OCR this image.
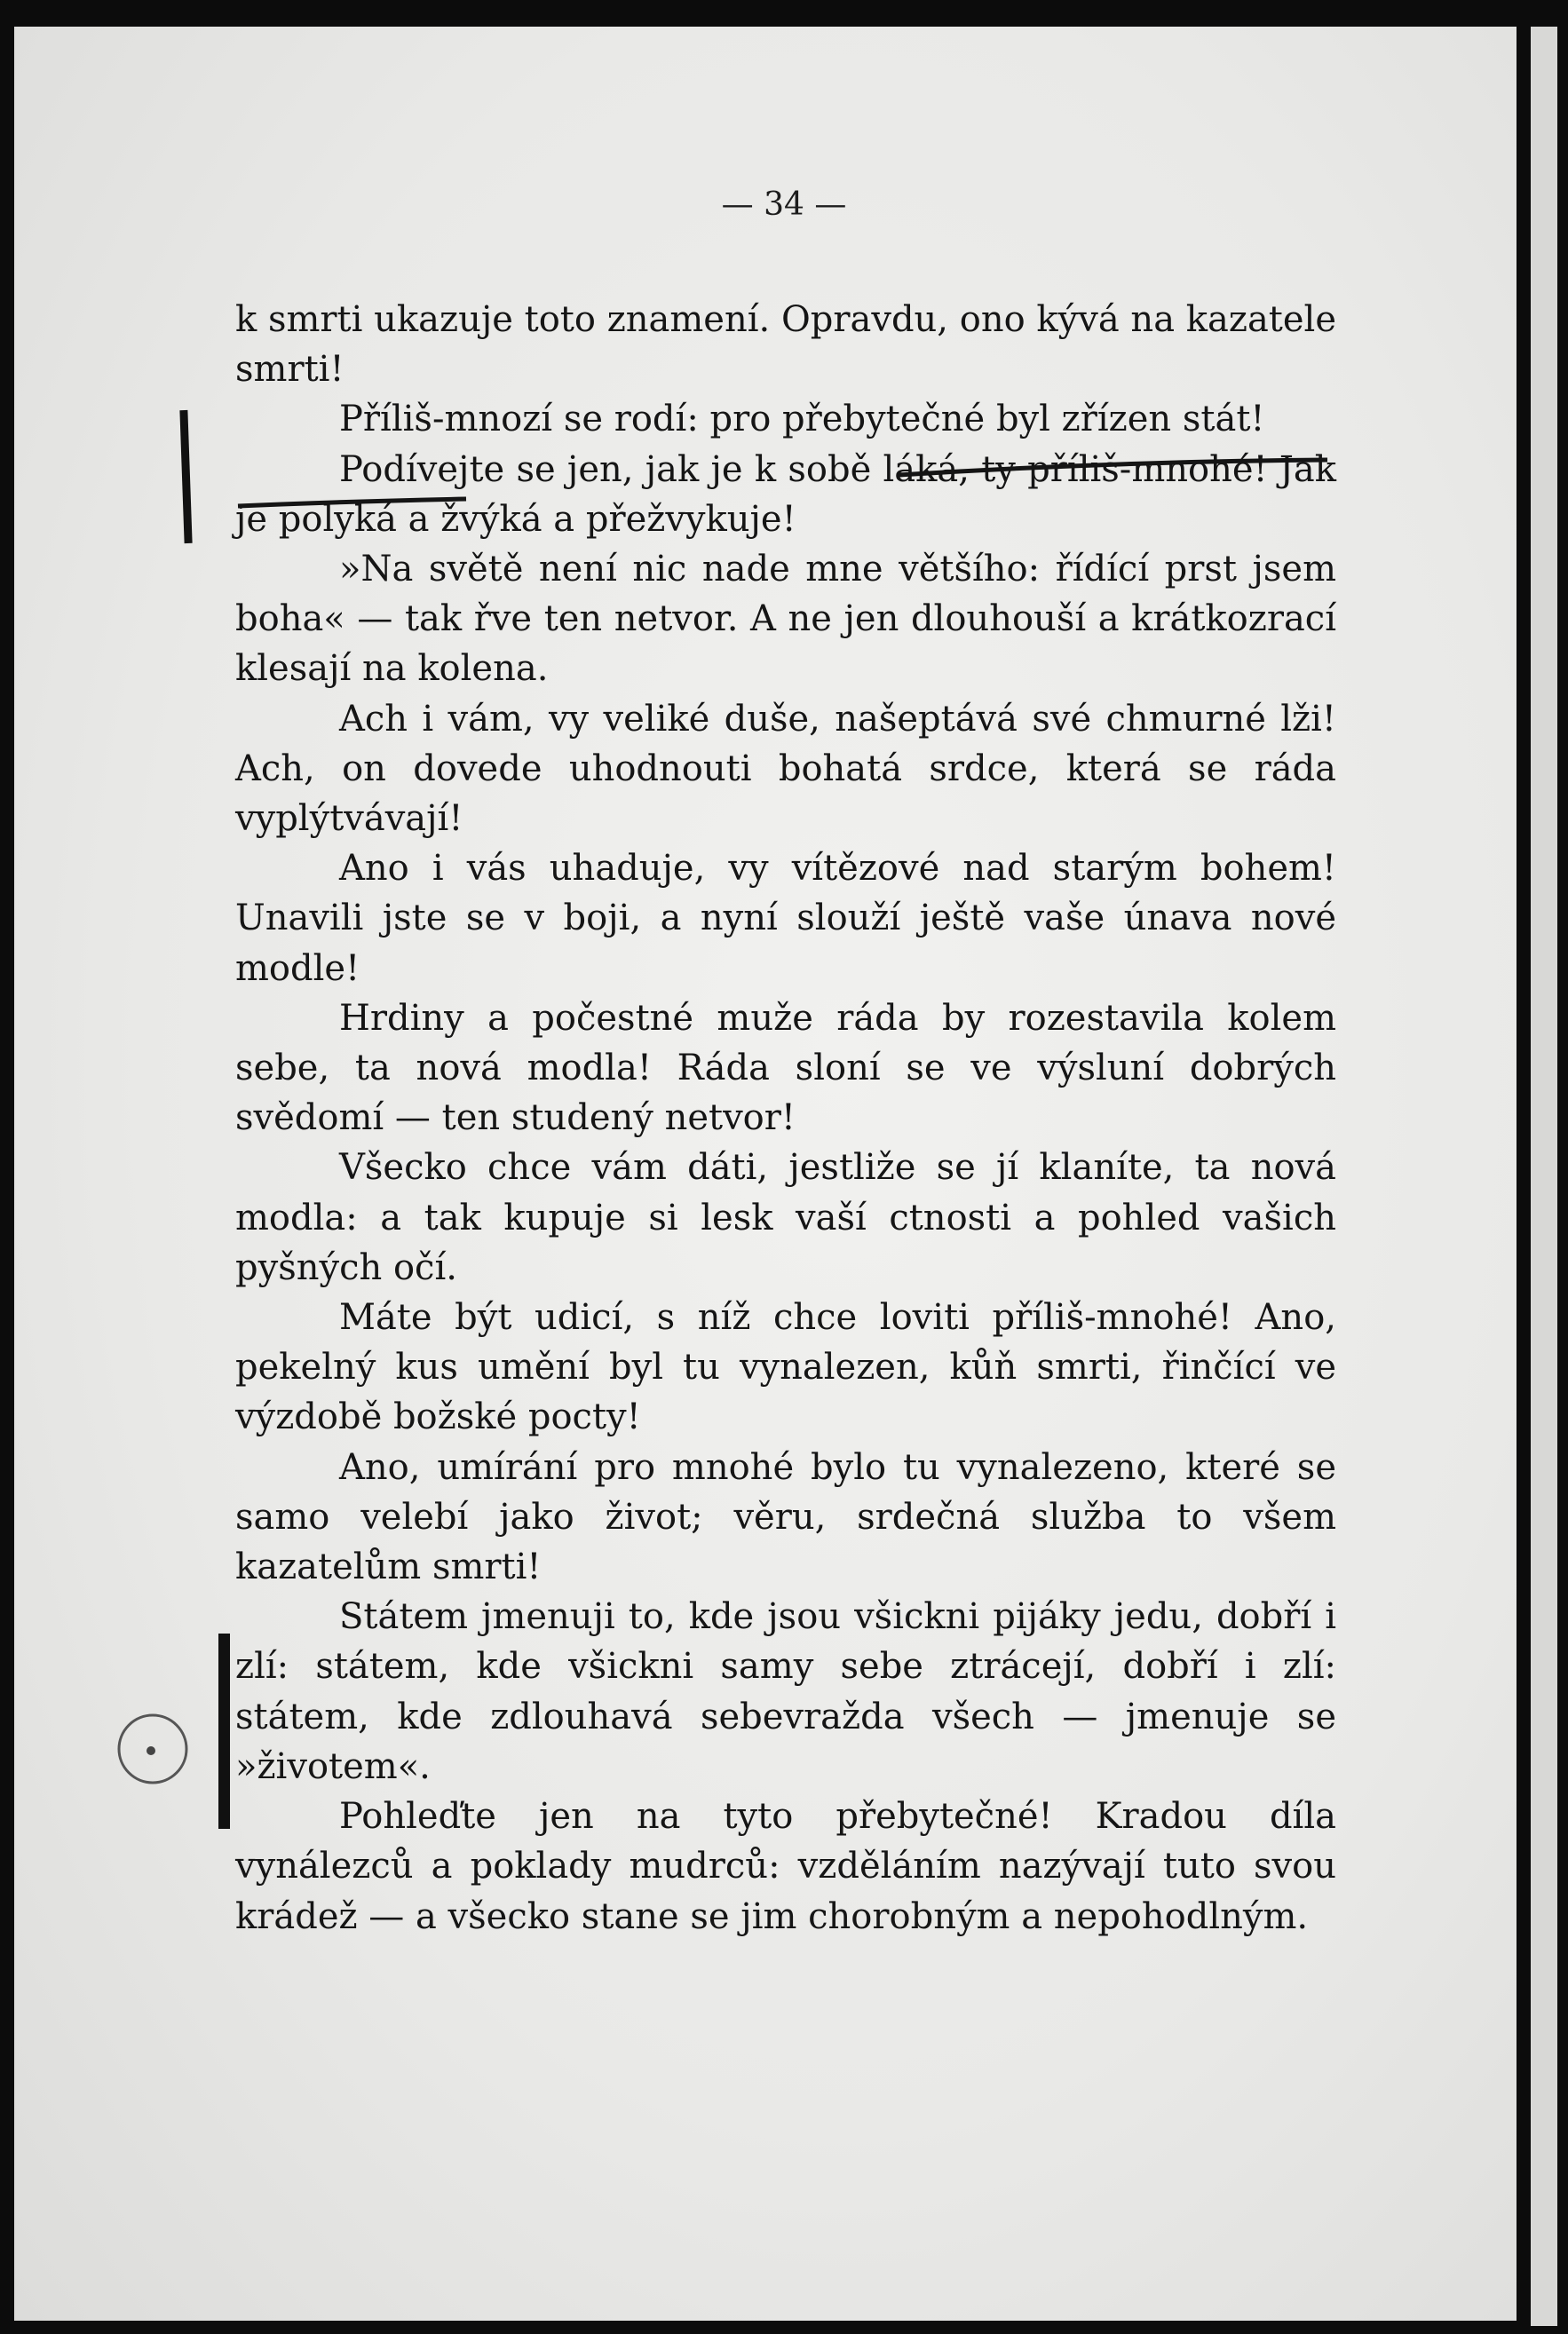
— 34 —

k smrti ukazuje toto znamení. Opravdu, ono kývá na kazatele smrti!

Příliš-mnozí se rodí: pro přebytečné byl zřízen stát!

Podívejte se jen, jak je k sobě láká, ty příliš-mnohé! Jak je polyká a žvýká a přežvykuje!

»Na světě není nic nade mne většího: řídící prst jsem boha« — tak řve ten netvor. A ne jen dlouhouší a krátkozrací klesají na kolena.

Ach i vám, vy veliké duše, našeptává své chmurné lži! Ach, on dovede uhodnouti bohatá srdce, která se ráda vyplýtvávají!

Ano i vás uhaduje, vy vítězové nad starým bohem! Unavili jste se v boji, a nyní slouží ještě vaše únava nové modle!

Hrdiny a počestné muže ráda by rozestavila kolem sebe, ta nová modla! Ráda sloní se ve výsluní dobrých svědomí — ten studený netvor!

Všecko chce vám dáti, jestliže se jí klaníte, ta nová modla: a tak kupuje si lesk vaší ctnosti a pohled vašich pyšných očí.

Máte být udicí, s níž chce loviti příliš-mnohé! Ano, pekelný kus umění byl tu vynalezen, kůň smrti, řinčící ve výzdobě božské pocty!

Ano, umírání pro mnohé bylo tu vynalezeno, které se samo velebí jako život; věru, srdečná služba to všem kazatelům smrti!

Státem jmenuji to, kde jsou všickni pijáky jedu, dobří i zlí: státem, kde všickni samy sebe ztrácejí, dobří i zlí: státem, kde zdlouhavá sebevražda všech — jmenuje se »životem«.

Pohleďte jen na tyto přebytečné! Kradou díla vynálezců a poklady mudrců: vzděláním nazývají tuto svou krádež — a všecko stane se jim chorobným a nepohodlným.
